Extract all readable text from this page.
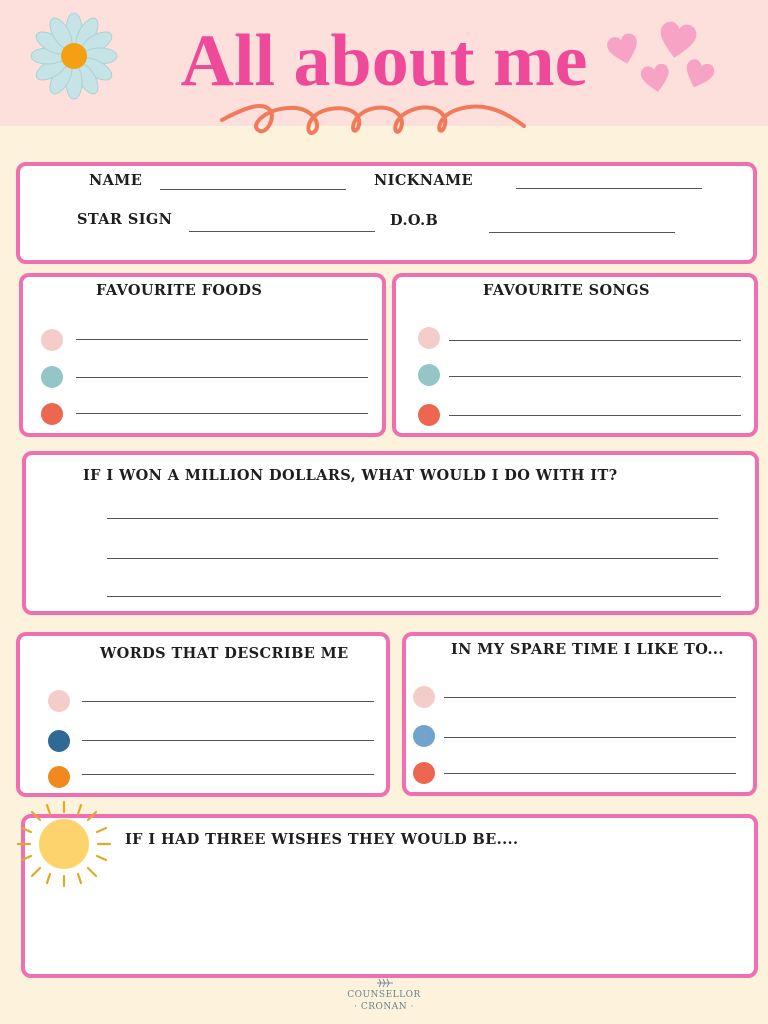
All about me
NAME	NICKNAME
STAR SIGN	D.O.B
FAVOURITE FOODS	FAVOURITE SONGS
IF I WON A MILLION DOLLARS, WHAT WOULD I DO WITH IT?
WORDS THAT DESCRIBE ME	IN MY SPARE TIME I LIKE TO...
IF I HAD THREE WISHES THEY WOULD BE....
COUNSELLOR
· CRONAN ·
